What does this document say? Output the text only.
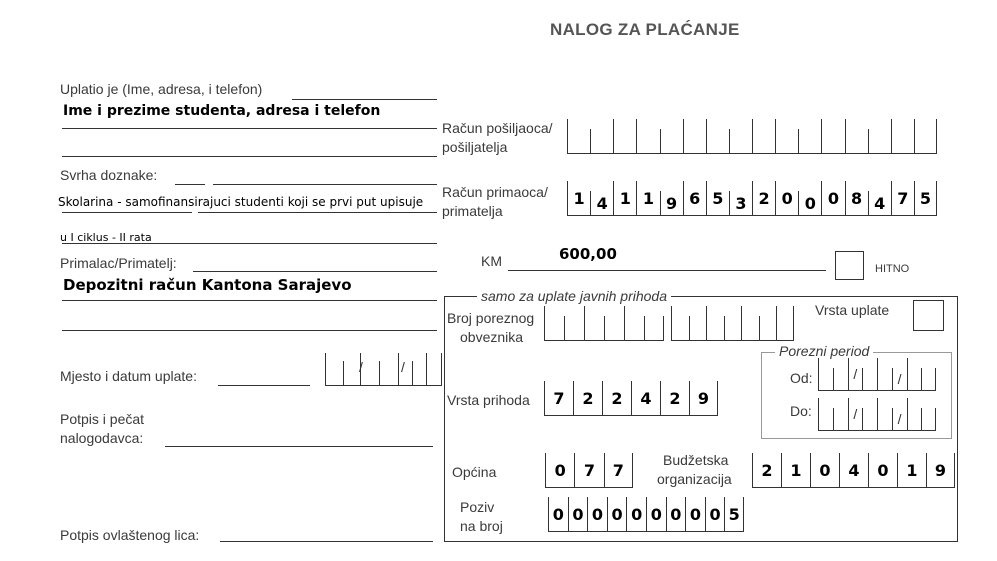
NALOG ZA PLAĆANJE
Uplatio je (Ime, adresa, i telefon)
Ime i prezime studenta, adresa i telefon
Svrha doznake:
Skolarina - samofinansirajuci studenti koji se prvi put upisuje
u I ciklus - II rata
Primalac/Primatelj:
Depozitni račun Kantona Sarajevo
Mjesto i datum uplate:
/	/
Potpis i pečat
nalogodavca:
Potpis ovlaštenog lica:
Račun pošiljaocа/
pošiljatelja
Račun primaoca/
primatelja
1 4 1 1 9 6 5 3 2 0 0 0 8 4 7 5
KM	600,00
HITNO
samo za uplate javnih prihoda
Broj poreznog
obveznika
Vrsta uplate
Porezni period
Od:	/	/
Do:	/	/
Vrsta prihoda	7	2	2	4	2	9
Općina	0	7	7
Budžetska
organizacija	2	1	0	4	0	1	9
Poziv
na broj
0 0 0 0 0 0 0 0 0 5
